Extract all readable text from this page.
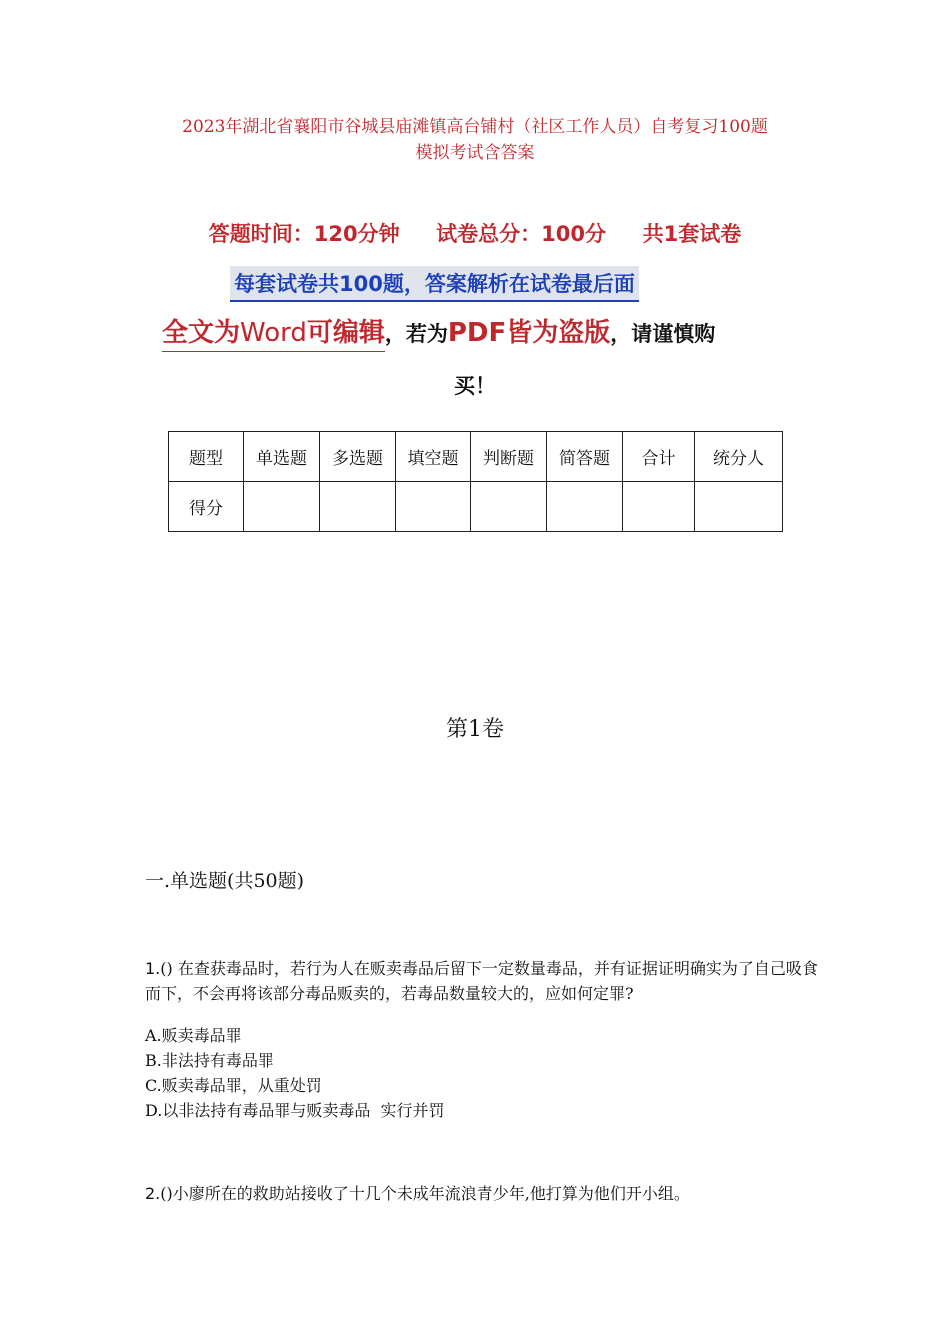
2023年湖北省襄阳市谷城县庙滩镇高台铺村（社区工作人员）自考复习100题
模拟考试含答案
答题时间：120分钟     试卷总分：100分     共1套试卷
每套试卷共100题，答案解析在试卷最后面
全文为Word可编辑，若为PDF皆为盗版，请谨慎购
买！
题型	单选题	多选题	填空题	判断题	简答题	合计	统分人
得分							
第1卷
一.单选题(共50题)
1.() 在查获毒品时，若行为人在贩卖毒品后留下一定数量毒品，并有证据证明确实为了自己吸食而下，不会再将该部分毒品贩卖的，若毒品数量较大的，应如何定罪?
A.贩卖毒品罪
B.非法持有毒品罪
C.贩卖毒品罪，从重处罚
D.以非法持有毒品罪与贩卖毒品  实行并罚
2.()小廖所在的救助站接收了十几个未成年流浪青少年,他打算为他们开小组。
